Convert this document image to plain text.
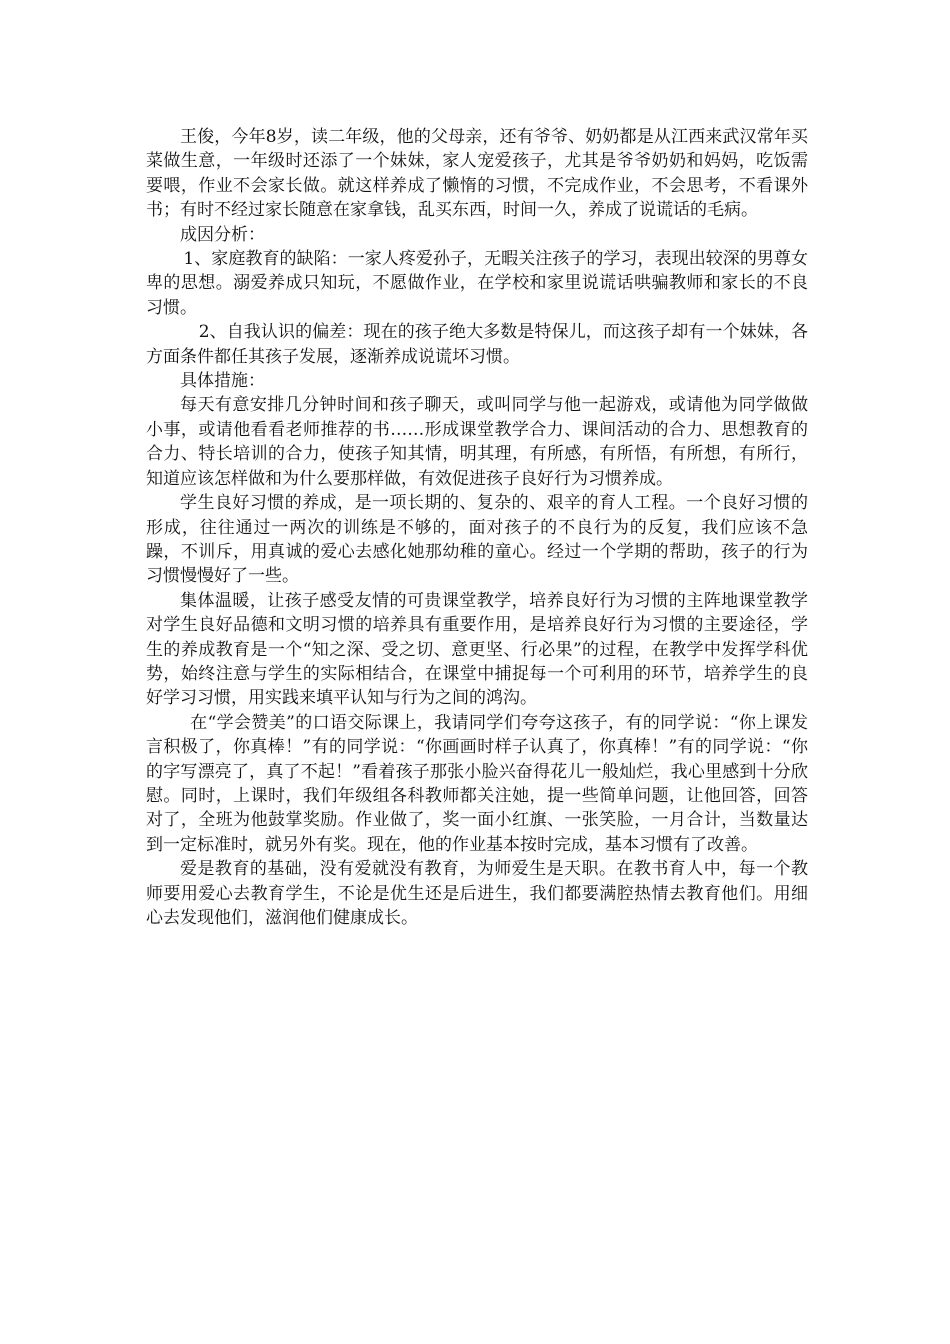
王俊，今年8岁，读二年级，他的父母亲，还有爷爷、奶奶都是从江西来武汉常年买菜做生意，一年级时还添了一个妹妹，家人宠爱孩子，尤其是爷爷奶奶和妈妈，吃饭需要喂，作业不会家长做。就这样养成了懒惰的习惯，不完成作业，不会思考，不看课外书；有时不经过家长随意在家拿钱，乱买东西，时间一久，养成了说谎话的毛病。

成因分析：

1、家庭教育的缺陷：一家人疼爱孙子，无暇关注孩子的学习，表现出较深的男尊女卑的思想。溺爱养成只知玩，不愿做作业，在学校和家里说谎话哄骗教师和家长的不良习惯。

2、自我认识的偏差：现在的孩子绝大多数是特保儿，而这孩子却有一个妹妹，各方面条件都任其孩子发展，逐渐养成说谎坏习惯。

具体措施：

每天有意安排几分钟时间和孩子聊天，或叫同学与他一起游戏，或请他为同学做做小事，或请他看看老师推荐的书……形成课堂教学合力、课间活动的合力、思想教育的合力、特长培训的合力，使孩子知其情，明其理，有所感，有所悟，有所想，有所行，知道应该怎样做和为什么要那样做，有效促进孩子良好行为习惯养成。

学生良好习惯的养成，是一项长期的、复杂的、艰辛的育人工程。一个良好习惯的形成，往往通过一两次的训练是不够的，面对孩子的不良行为的反复，我们应该不急躁，不训斥，用真诚的爱心去感化她那幼稚的童心。经过一个学期的帮助，孩子的行为习惯慢慢好了一些。

集体温暖，让孩子感受友情的可贵课堂教学，培养良好行为习惯的主阵地课堂教学对学生良好品德和文明习惯的培养具有重要作用，是培养良好行为习惯的主要途径，学生的养成教育是一个“知之深、受之切、意更坚、行必果”的过程，在教学中发挥学科优势，始终注意与学生的实际相结合，在课堂中捕捉每一个可利用的环节，培养学生的良好学习习惯，用实践来填平认知与行为之间的鸿沟。

在“学会赞美”的口语交际课上，我请同学们夸夸这孩子，有的同学说：“你上课发言积极了，你真棒！”有的同学说：“你画画时样子认真了，你真棒！”有的同学说：“你的字写漂亮了，真了不起！”看着孩子那张小脸兴奋得花儿一般灿烂，我心里感到十分欣慰。同时，上课时，我们年级组各科教师都关注她，提一些简单问题，让他回答，回答对了，全班为他鼓掌奖励。作业做了，奖一面小红旗、一张笑脸，一月合计，当数量达到一定标准时，就另外有奖。现在，他的作业基本按时完成，基本习惯有了改善。

爱是教育的基础，没有爱就没有教育，为师爱生是天职。在教书育人中，每一个教师要用爱心去教育学生，不论是优生还是后进生，我们都要满腔热情去教育他们。用细心去发现他们，滋润他们健康成长。
